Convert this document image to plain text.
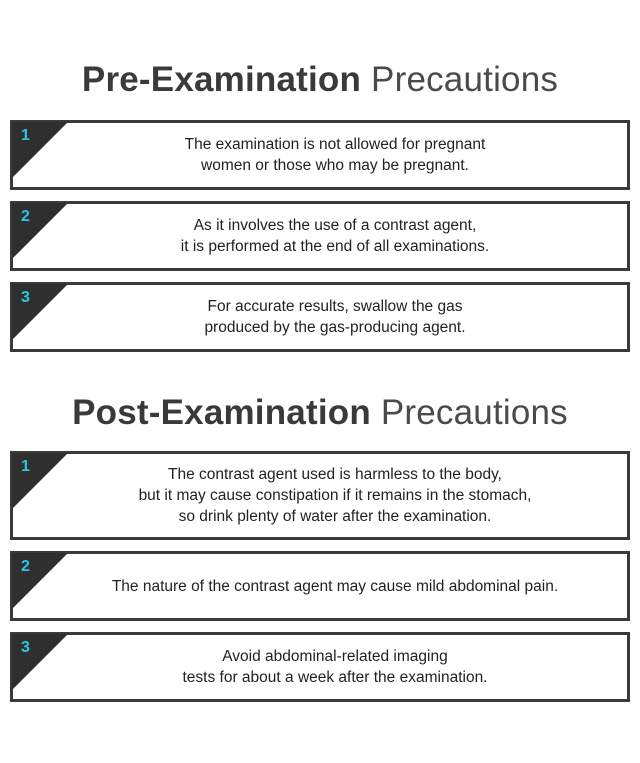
Pre-Examination Precautions
1
The examination is not allowed for pregnant
women or those who may be pregnant.
2
As it involves the use of a contrast agent,
it is performed at the end of all examinations.
3
For accurate results, swallow the gas
produced by the gas-producing agent.
Post-Examination Precautions
1	The contrast agent used is harmless to the body,
but it may cause constipation if it remains in the stomach,
so drink plenty of water after the examination.
2
The nature of the contrast agent may cause mild abdominal pain.
3
Avoid abdominal-related imaging
tests for about a week after the examination.
